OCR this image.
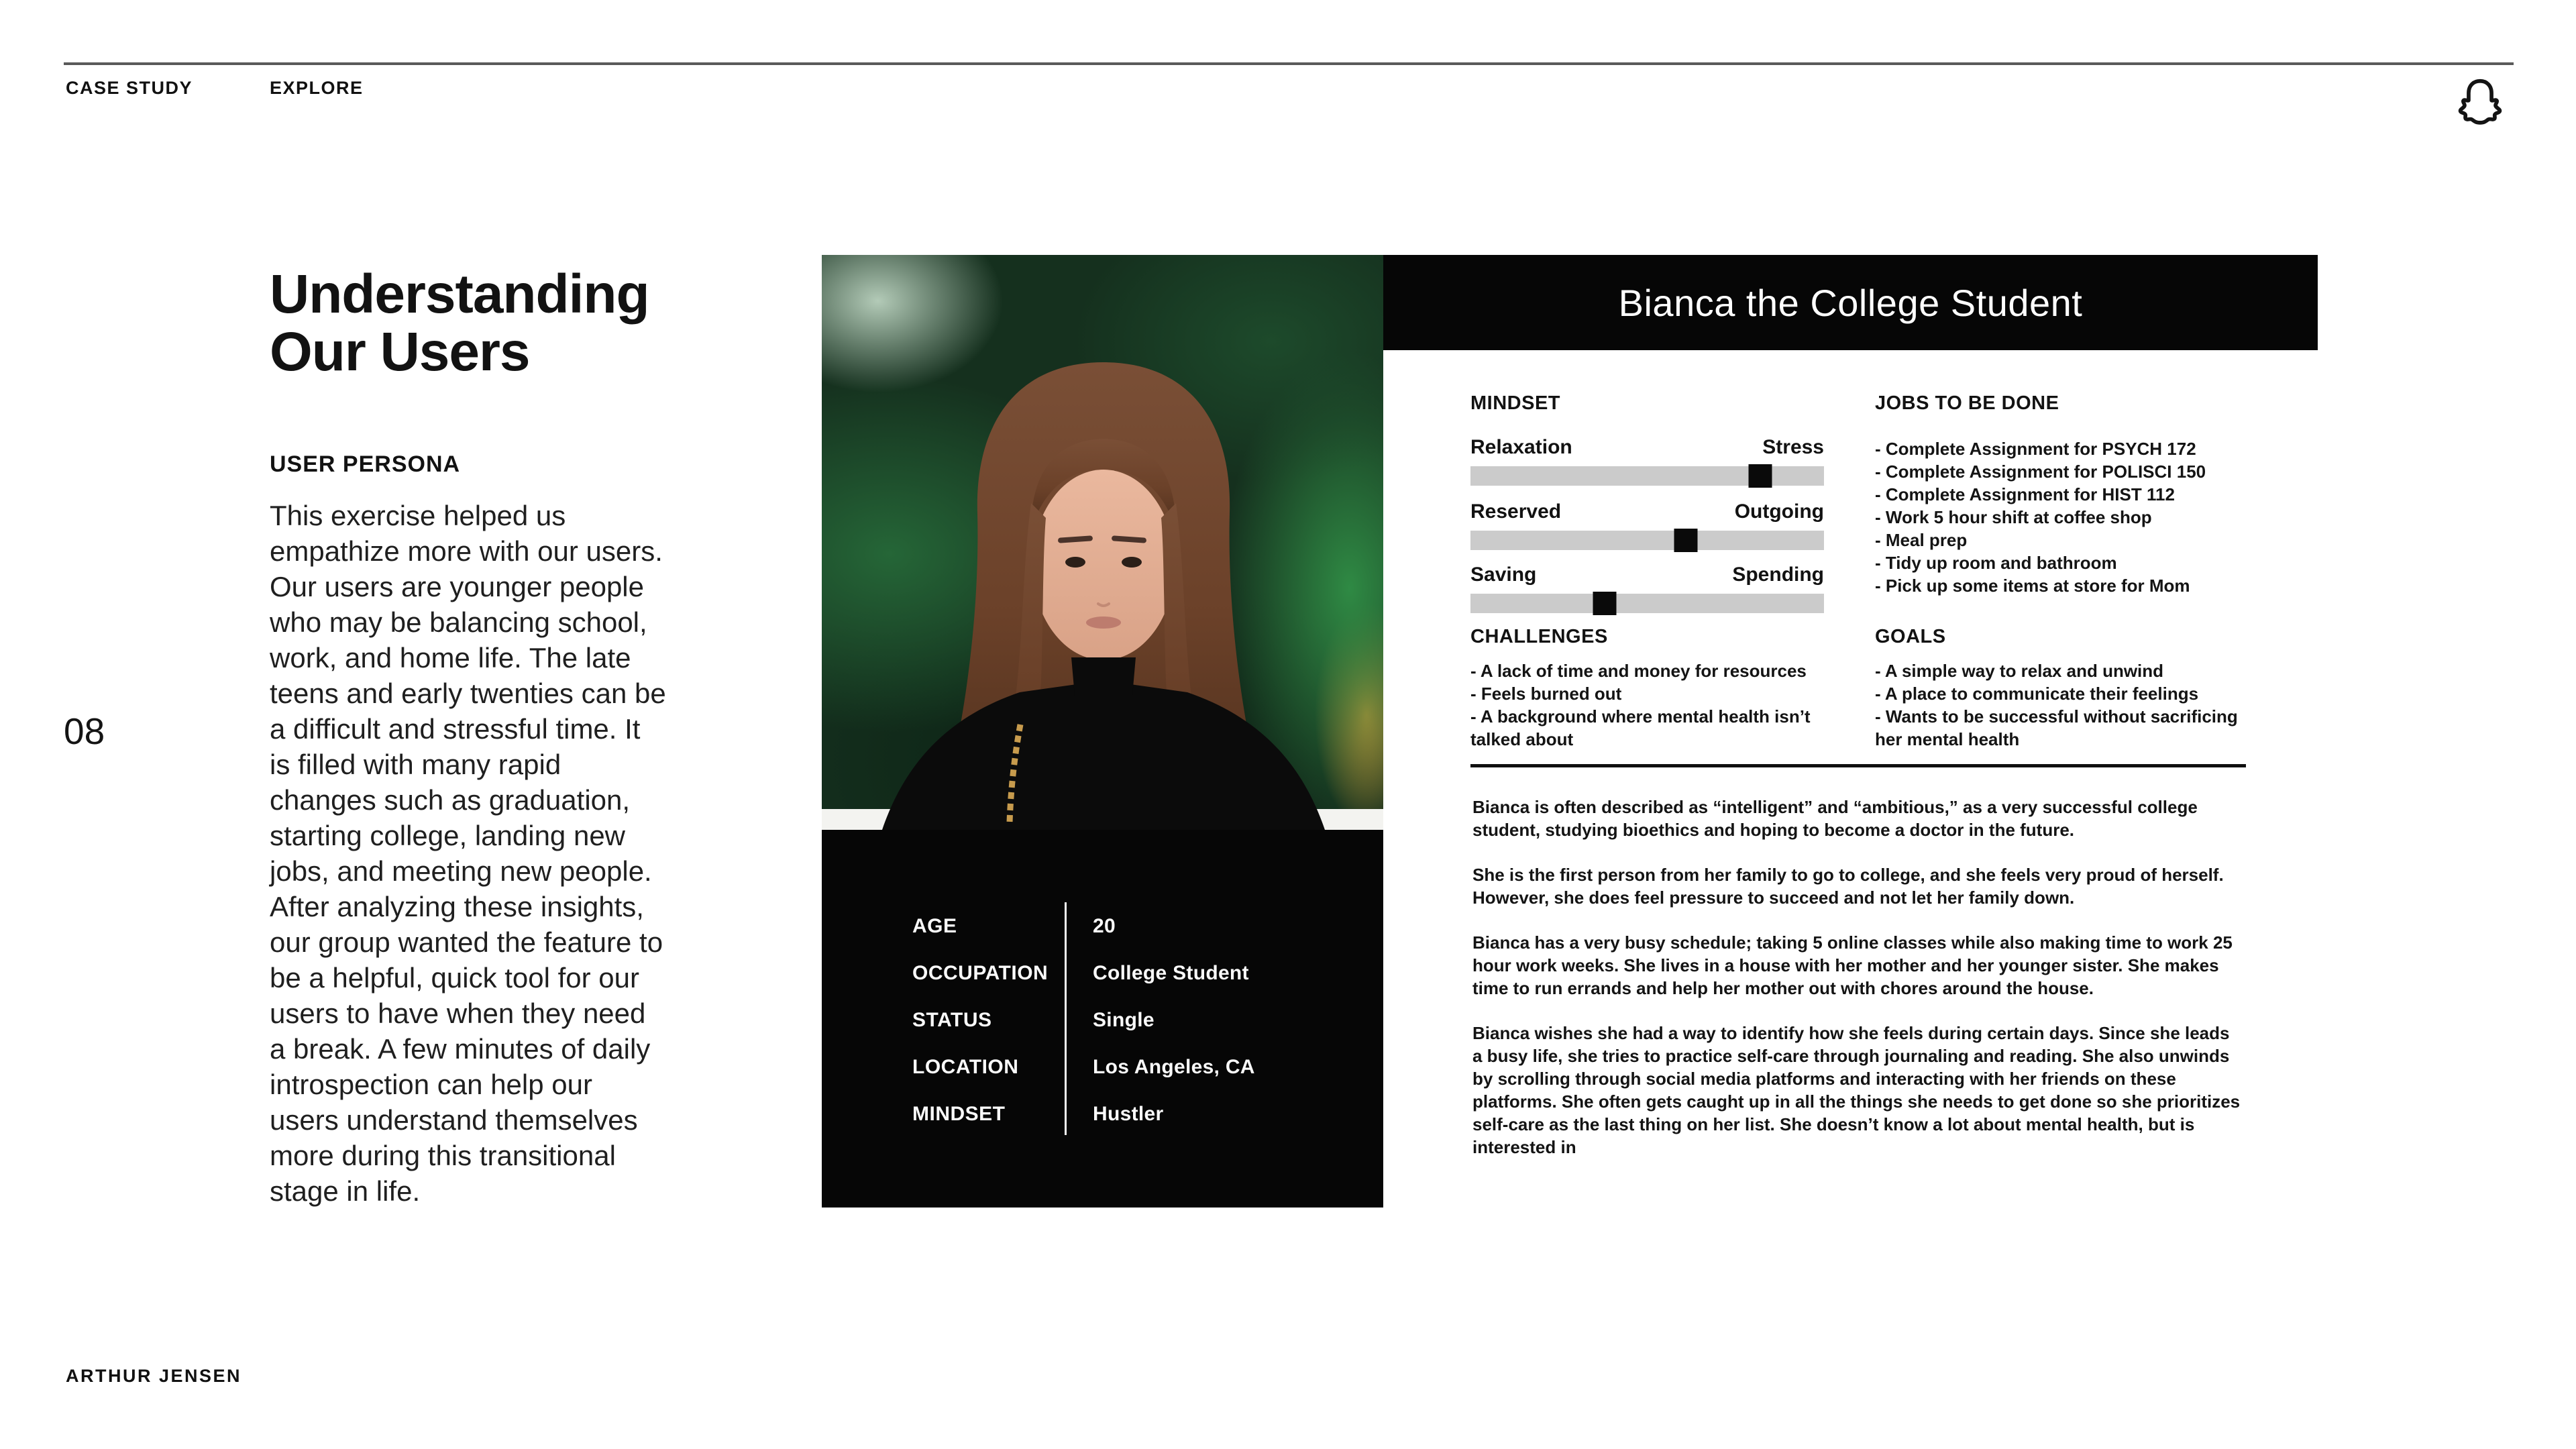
CASE STUDY	EXPLORE
08
Understanding
Our Users
USER PERSONA
This exercise helped us empathize more with our users. Our users are younger people who may be balancing school, work, and home life. The late teens and early twenties can be a difficult and stressful time. It is filled with many rapid changes such as graduation, starting college, landing new jobs, and meeting new people. After analyzing these insights, our group wanted the feature to be a helpful, quick tool for our users to have when they need a break. A few minutes of daily introspection can help our users understand themselves more during this transitional stage in life.
ARTHUR JENSEN
AGE	20
OCCUPATION College Student
STATUS	Single
LOCATION	Los Angeles, CA
MINDSET	Hustler
Bianca the College Student
MINDSET
Relaxation	Stress
Reserved	Outgoing
Saving	Spending
JOBS TO BE DONE
- Complete Assignment for PSYCH 172
- Complete Assignment for POLISCI 150
- Complete Assignment for HIST 112
- Work 5 hour shift at coffee shop
- Meal prep
- Tidy up room and bathroom
- Pick up some items at store for Mom
CHALLENGES
- A lack of time and money for resources
- Feels burned out
- A background where mental health isn’t talked about
GOALS
- A simple way to relax and unwind
- A place to communicate their feelings
- Wants to be successful without sacrificing her mental health

Bianca is often described as “intelligent” and “ambitious,” as a very successful college student, studying bioethics and hoping to become a doctor in the future.

She is the first person from her family to go to college, and she feels very proud of herself. However, she does feel pressure to succeed and not let her family down.

Bianca has a very busy schedule; taking 5 online classes while also making time to work 25 hour work weeks. She lives in a house with her mother and her younger sister. She makes time to run errands and help her mother out with chores around the house.

Bianca wishes she had a way to identify how she feels during certain days. Since she leads a busy life, she tries to practice self-care through journaling and reading. She also unwinds by scrolling through social media platforms and interacting with her friends on these platforms. She often gets caught up in all the things she needs to get done so she prioritizes self-care as the last thing on her list. She doesn’t know a lot about mental health, but is interested in
